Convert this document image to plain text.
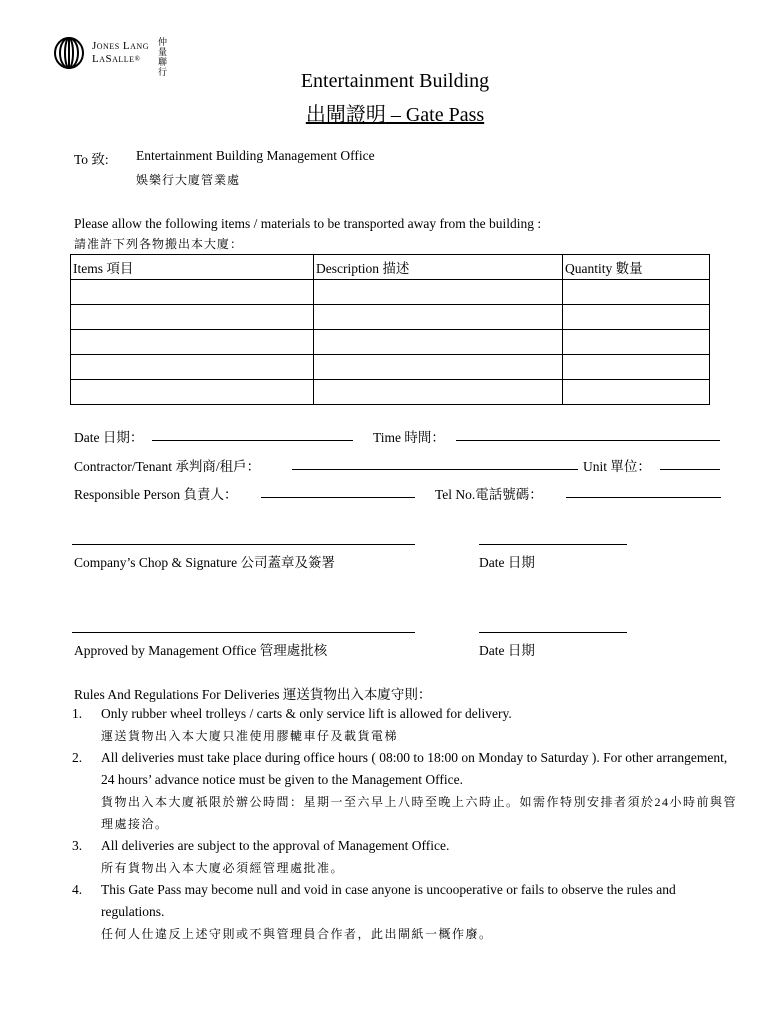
Jones Lang
LaSalle®
仲量聯行	Entertainment Building
出閘證明 – Gate Pass
To 致: Entertainment Building Management Office
娛樂行大廈管業處
Please allow the following items / materials to be transported away from the building :
請准許下列各物搬出本大廈：
Items 項目	Description 描述	Quantity 數量

Date 日期：	Time 時間：
Contractor/Tenant 承判商/租戶：	Unit 單位：
Responsible Person 負責人：	Tel No.電話號碼：
Company’s Chop & Signature 公司蓋章及簽署	Date 日期
Approved by Management Office 管理處批核	Date 日期
Rules And Regulations For Deliveries 運送貨物出入本廈守則：
1. Only rubber wheel trolleys / carts & only service lift is allowed for delivery.
運送貨物出入本大廈只准使用膠轆車仔及載貨電梯
2. All deliveries must take place during office hours ( 08:00 to 18:00 on Monday to Saturday ). For other arrangement, 24 hours’ advance notice must be given to the Management Office.
貨物出入本大廈祇限於辦公時間：星期一至六早上八時至晚上六時止。如需作特別安排者須於24小時前與管理處接洽。
3. All deliveries are subject to the approval of Management Office.
所有貨物出入本大廈必須經管理處批准。
4. This Gate Pass may become null and void in case anyone is uncooperative or fails to observe the rules and regulations.
任何人仕違反上述守則或不與管理員合作者，此出閘紙一概作廢。
